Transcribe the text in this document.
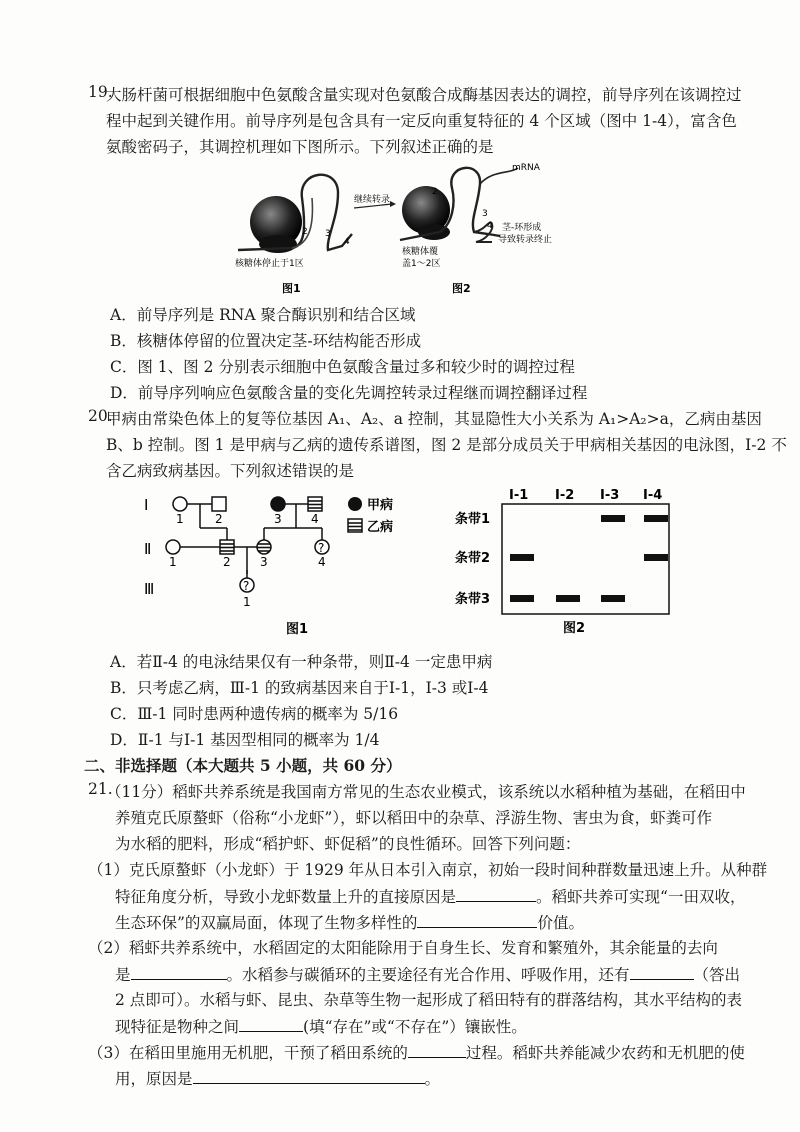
19.
大肠杆菌可根据细胞中色氨酸含量实现对色氨酸合成酶基因表达的调控，前导序列在该调控过
程中起到关键作用。前导序列是包含具有一定反向重复特征的 4 个区域（图中 1-4），富含色
氨酸密码子，其调控机理如下图所示。下列叙述正确的是
2 3
4
核糖体停止于1区
图1
mRNA
继续转录
2
3
4 茎-环形成
导致转录终止
核糖体覆
盖1～2区
图2
A．前导序列是 RNA 聚合酶识别和结合区域
B．核糖体停留的位置决定茎-环结构能否形成
C．图 1、图 2 分别表示细胞中色氨酸含量过多和较少时的调控过程
D．前导序列响应色氨酸含量的变化先调控转录过程继而调控翻译过程
20.
甲病由常染色体上的复等位基因 A₁、A₂、a 控制，其显隐性大小关系为 A₁>A₂>a，乙病由基因
B、b 控制。图 1 是甲病与乙病的遗传系谱图，图 2 是部分成员关于甲病相关基因的电泳图，Ⅰ-2 不
含乙病致病基因。下列叙述错误的是
Ⅰ
Ⅱ
Ⅲ
1	2	3 4
?
1	2 3	4
?
1
甲病
乙病
图1
Ⅰ-1 Ⅰ-2 Ⅰ-3 Ⅰ-4
条带1
条带2
条带3
图2
A．若Ⅱ-4 的电泳结果仅有一种条带，则Ⅱ-4 一定患甲病
B．只考虑乙病，Ⅲ-1 的致病基因来自于Ⅰ-1，Ⅰ-3 或Ⅰ-4
C．Ⅲ-1 同时患两种遗传病的概率为 5/16
D．Ⅱ-1 与Ⅰ-1 基因型相同的概率为 1/4
二、非选择题（本大题共 5 小题，共 60 分）
21.
（11分）稻虾共养系统是我国南方常见的生态农业模式，该系统以水稻种植为基础，在稻田中
养殖克氏原螯虾（俗称“小龙虾”），虾以稻田中的杂草、浮游生物、害虫为食，虾粪可作
为水稻的肥料，形成“稻护虾、虾促稻”的良性循环。回答下列问题：
（1）克氏原螯虾（小龙虾）于 1929 年从日本引入南京，初始一段时间种群数量迅速上升。从种群
特征角度分析，导致小龙虾数量上升的直接原因是	。稻虾共养可实现“一田双收，
生态环保”的双赢局面，体现了生物多样性的	价值。
（2）稻虾共养系统中，水稻固定的太阳能除用于自身生长、发育和繁殖外，其余能量的去向
是	。水稻参与碳循环的主要途径有光合作用、呼吸作用，还有	（答出
2 点即可）。水稻与虾、昆虫、杂草等生物一起形成了稻田特有的群落结构，其水平结构的表
现特征是物种之间	(填“存在”或“不存在”）镶嵌性。
（3）在稻田里施用无机肥，干预了稻田系统的	过程。稻虾共养能减少农药和无机肥的使
用，原因是	。
